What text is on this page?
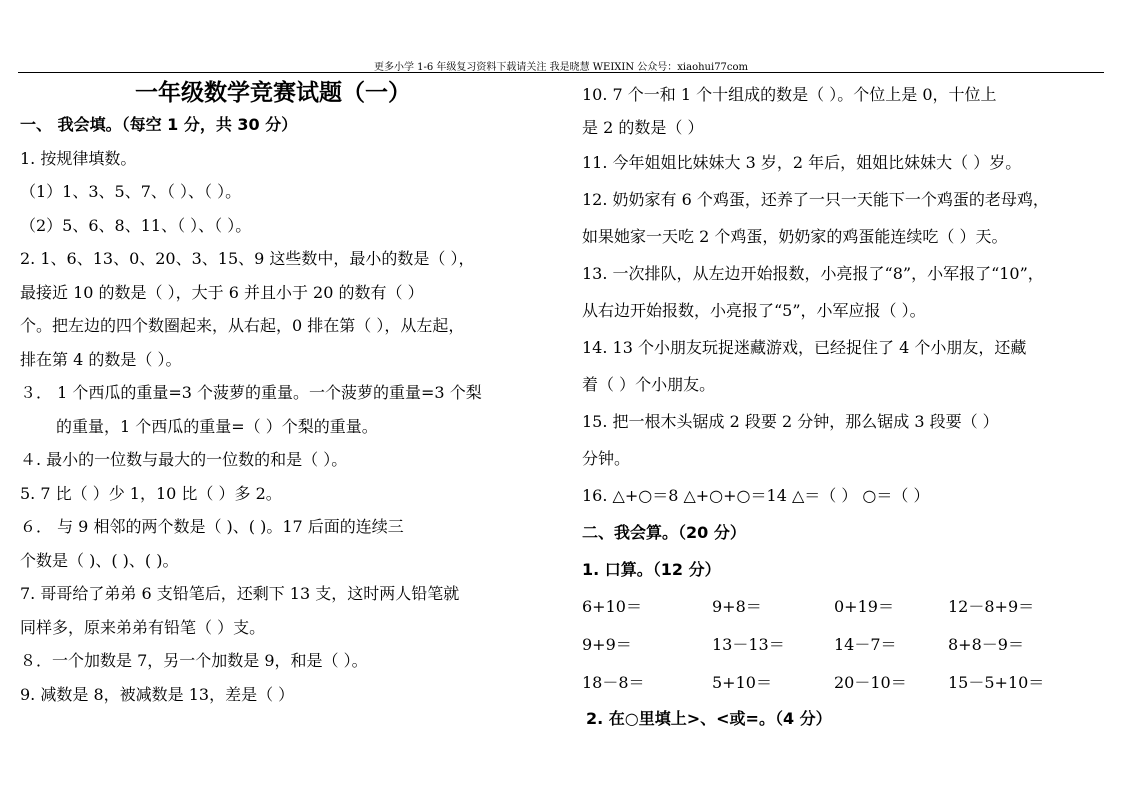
更多小学 1-6 年级复习资料下载请关注 我是晓慧 WEIXIN 公众号：xiaohui77com
一年级数学竞赛试题（一）
一、 我会填。（每空 1 分，共 30 分）
1. 按规律填数。
（1）1、3、5、7、（ ）、（ ）。
（2）5、6、8、11、（ ）、（ ）。
2. 1、6、13、0、20、3、15、9 这些数中，最小的数是（ ），
最接近 10 的数是（ ），大于 6 并且小于 20 的数有（ ）
个。把左边的四个数圈起来，从右起，0 排在第（ ），从左起，
排在第 4 的数是（ ）。
３． 1 个西瓜的重量=3 个菠萝的重量。一个菠萝的重量=3 个梨
的重量，1 个西瓜的重量=（ ）个梨的重量。
４. 最小的一位数与最大的一位数的和是（ ）。
5. 7 比（ ）少 1，10 比（ ）多 2。
６． 与 9 相邻的两个数是（ )、( )。17 后面的连续三
个数是（ )、( )、( )。
7. 哥哥给了弟弟 6 支铅笔后，还剩下 13 支，这时两人铅笔就
同样多，原来弟弟有铅笔（ ）支。
８．一个加数是 7，另一个加数是 9，和是（ ）。
9. 减数是 8，被减数是 13，差是（ ）
10. 7 个一和 1 个十组成的数是（ ）。个位上是 0，十位上
是 2 的数是（ ）
11. 今年姐姐比妹妹大 3 岁，2 年后，姐姐比妹妹大（ ）岁。
12. 奶奶家有 6 个鸡蛋，还养了一只一天能下一个鸡蛋的老母鸡，
如果她家一天吃 2 个鸡蛋，奶奶家的鸡蛋能连续吃（ ）天。
13. 一次排队，从左边开始报数，小亮报了“8”，小军报了“10”，
从右边开始报数，小亮报了“5”，小军应报（ ）。
14. 13 个小朋友玩捉迷藏游戏，已经捉住了 4 个小朋友，还藏
着（ ）个小朋友。
15. 把一根木头锯成 2 段要 2 分钟，那么锯成 3 段要（ ）
分钟。
16. △+○＝8 △+○+○＝14 △＝（ ） ○＝（ ）
二、我会算。（20 分）
1. 口算。（12 分）
6+10＝	9+8＝	0+19＝	12－8+9＝
9+9＝	13－13＝	14－7＝	8+8－9＝
18－8＝	5+10＝	20－10＝	15－5+10＝
2. 在○里填上>、<或=。（4 分）
